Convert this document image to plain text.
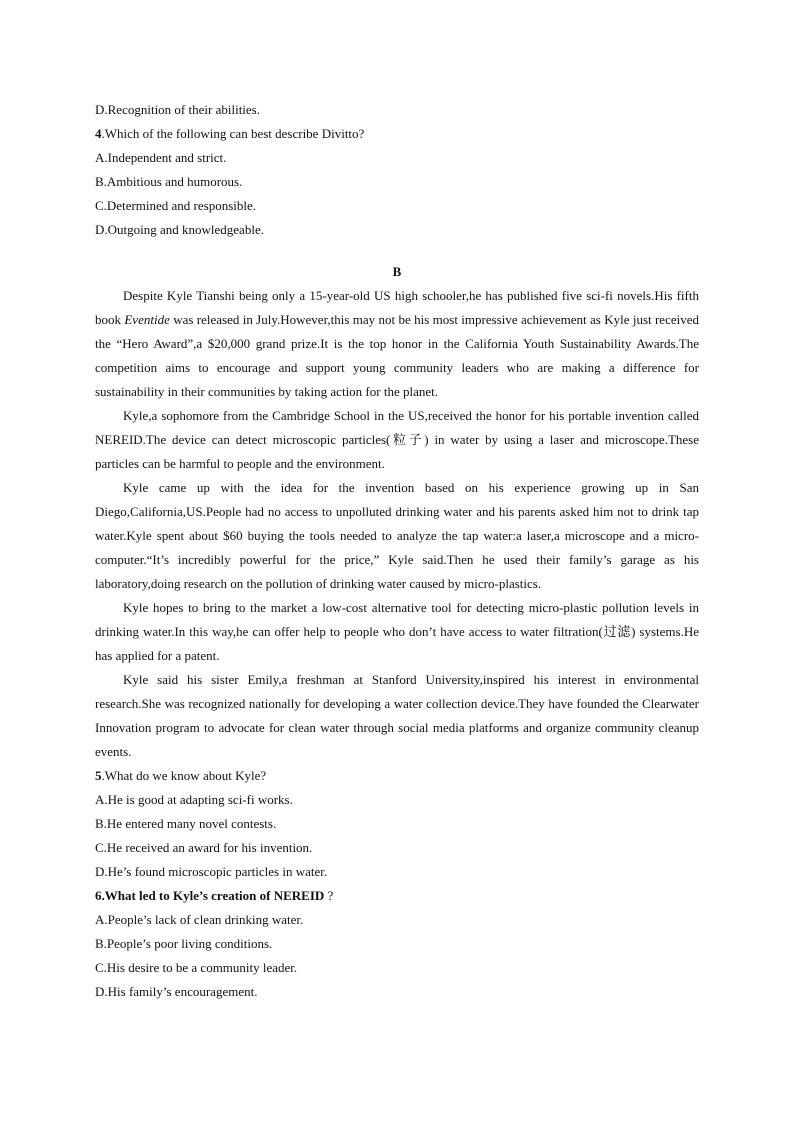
D.Recognition of their abilities.
4.Which of the following can best describe Divitto?
A.Independent and strict.
B.Ambitious and humorous.
C.Determined and responsible.
D.Outgoing and knowledgeable.
B

Despite Kyle Tianshi being only a 15-year-old US high schooler,he has published five sci-fi novels.His fifth book Eventide was released in July.However,this may not be his most impressive achievement as Kyle just received the “Hero Award”,a $20,000 grand prize.It is the top honor in the California Youth Sustainability Awards.The competition aims to encourage and support young community leaders who are making a difference for sustainability in their communities by taking action for the planet.

Kyle,a sophomore from the Cambridge School in the US,received the honor for his portable invention called NEREID.The device can detect microscopic particles(粒子) in water by using a laser and microscope.These particles can be harmful to people and the environment.

Kyle came up with the idea for the invention based on his experience growing up in San Diego,California,US.People had no access to unpolluted drinking water and his parents asked him not to drink tap water.Kyle spent about $60 buying the tools needed to analyze the tap water:a laser,a microscope and a micro-computer.“It’s incredibly powerful for the price,” Kyle said.Then he used their family’s garage as his laboratory,doing research on the pollution of drinking water caused by micro-plastics.

Kyle hopes to bring to the market a low-cost alternative tool for detecting micro-plastic pollution levels in drinking water.In this way,he can offer help to people who don’t have access to water filtration(过滤) systems.He has applied for a patent.

Kyle said his sister Emily,a freshman at Stanford University,inspired his interest in environmental research.She was recognized nationally for developing a water collection device.They have founded the Clearwater Innovation program to advocate for clean water through social media platforms and organize community cleanup events.

5.What do we know about Kyle?
A.He is good at adapting sci-fi works.
B.He entered many novel contests.
C.He received an award for his invention.
D.He’s found microscopic particles in water.
6.What led to Kyle’s creation of NEREID ?
A.People’s lack of clean drinking water.
B.People’s poor living conditions.
C.His desire to be a community leader.
D.His family’s encouragement.
